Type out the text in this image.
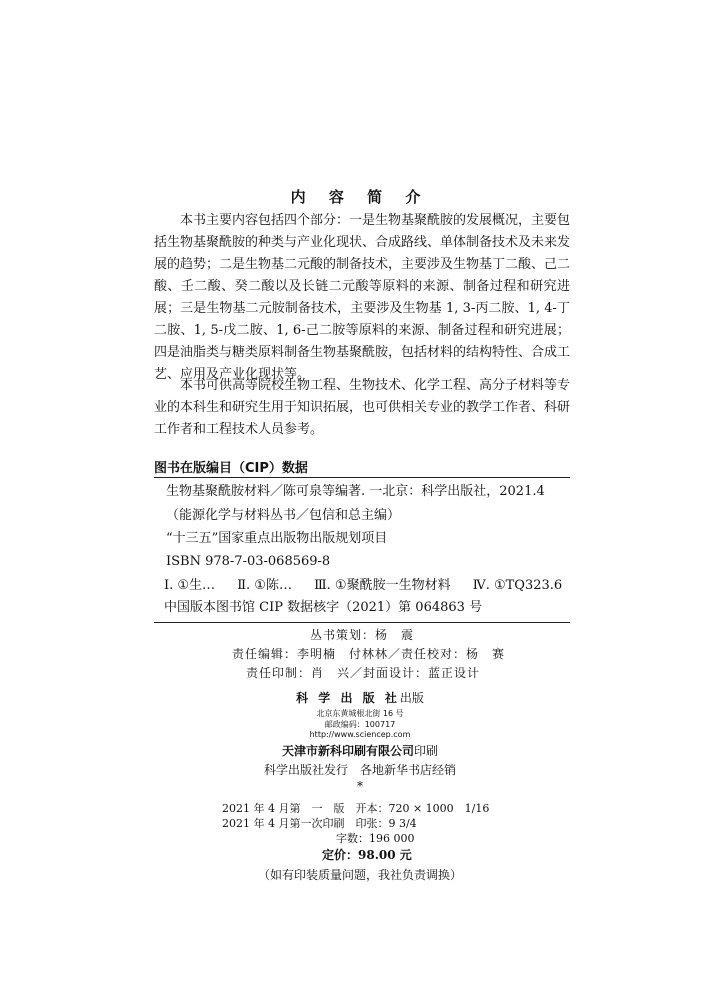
内 容 简 介

本书主要内容包括四个部分：一是生物基聚酰胺的发展概况，主要包括生物基聚酰胺的种类与产业化现状、合成路线、单体制备技术及未来发展的趋势；二是生物基二元酸的制备技术，主要涉及生物基丁二酸、己二酸、壬二酸、癸二酸以及长链二元酸等原料的来源、制备过程和研究进展；三是生物基二元胺制备技术，主要涉及生物基 1, 3-丙二胺、1, 4-丁二胺、1, 5-戊二胺、1, 6-己二胺等原料的来源、制备过程和研究进展；四是油脂类与糖类原料制备生物基聚酰胺，包括材料的结构特性、合成工艺、应用及产业化现状等。

本书可供高等院校生物工程、生物技术、化学工程、高分子材料等专业的本科生和研究生用于知识拓展，也可供相关专业的教学工作者、科研工作者和工程技术人员参考。

图书在版编目（CIP）数据
生物基聚酰胺材料／陈可泉等编著. 一北京：科学出版社，2021.4
（能源化学与材料丛书／包信和总主编）
“十三五”国家重点出版物出版规划项目
ISBN 978-7-03-068569-8
Ⅰ. ①生… Ⅱ. ①陈… Ⅲ. ①聚酰胺一生物材料 Ⅳ. ①TQ323.6
中国版本图书馆 CIP 数据核字（2021）第 064863 号
丛书策划：杨　震
责任编辑：李明楠　付林林／责任校对：杨　赛
责任印制：肖　兴／封面设计：蓝正设计
科 学 出 版 社出版
北京东黄城根北街 16 号
邮政编码：100717
http://www.sciencep.com
天津市新科印刷有限公司印刷
科学出版社发行　各地新华书店经销
*
2021 年 4 月第　一　版　开本：720 × 1000　1/16
2021 年 4 月第一次印刷　印张：9 3/4
字数：196 000
定价：98.00 元
（如有印装质量问题，我社负责调换）
